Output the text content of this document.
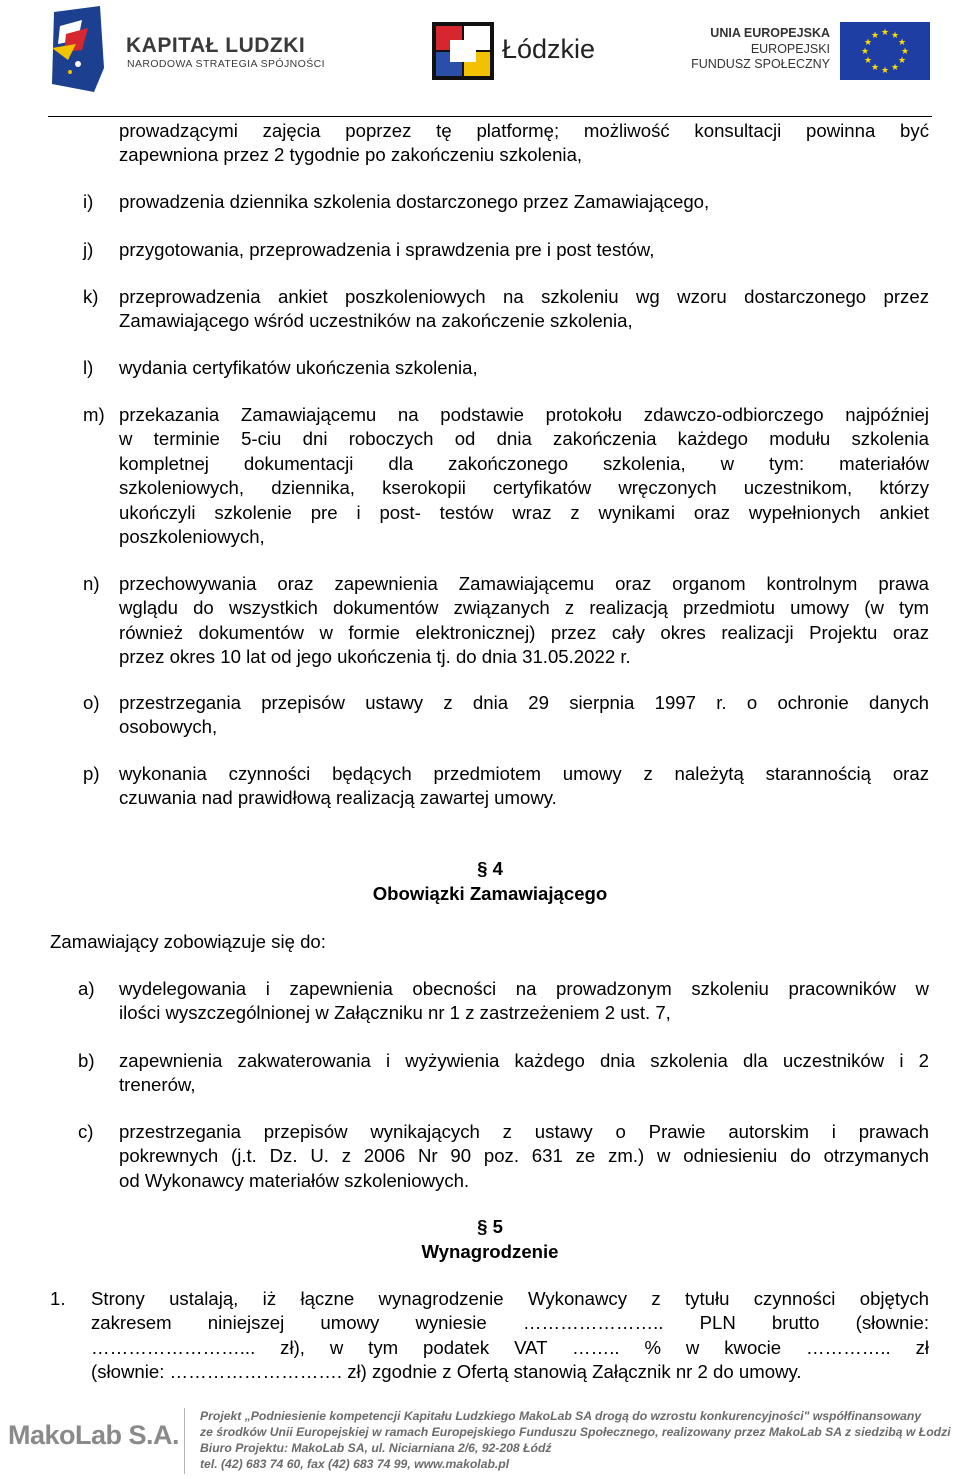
KAPITAŁ LUDZKI
NARODOWA STRATEGIA SPÓJNOŚCI	Łódzkie
UNIA EUROPEJSKA
EUROPEJSKI
FUNDUSZ SPOŁECZNY
★ ★
★
★
★
★
★
★
★
★
★
★
prowadzącymi zajęcia poprzez tę platformę; możliwość konsultacji powinna być
zapewniona przez 2 tygodnie po zakończeniu szkolenia,
i) prowadzenia dziennika szkolenia dostarczonego przez Zamawiającego,
j) przygotowania, przeprowadzenia i sprawdzenia pre i post testów,
k) przeprowadzenia ankiet poszkoleniowych na szkoleniu wg wzoru dostarczonego przez
Zamawiającego wśród uczestników na zakończenie szkolenia,
l) wydania certyfikatów ukończenia szkolenia,
m) przekazania Zamawiającemu na podstawie protokołu zdawczo-odbiorczego najpóźniej
w terminie 5-ciu dni roboczych od dnia zakończenia każdego modułu szkolenia
kompletnej dokumentacji dla zakończonego szkolenia, w tym: materiałów
szkoleniowych, dziennika, kserokopii certyfikatów wręczonych uczestnikom, którzy
ukończyli szkolenie pre i post- testów wraz z wynikami oraz wypełnionych ankiet
poszkoleniowych,
n) przechowywania oraz zapewnienia Zamawiającemu oraz organom kontrolnym prawa
wglądu do wszystkich dokumentów związanych z realizacją przedmiotu umowy (w tym
również dokumentów w formie elektronicznej) przez cały okres realizacji Projektu oraz
przez okres 10 lat od jego ukończenia tj. do dnia 31.05.2022 r.
o) przestrzegania przepisów ustawy z dnia 29 sierpnia 1997 r. o ochronie danych
osobowych,
p) wykonania czynności będących przedmiotem umowy z należytą starannością oraz
czuwania nad prawidłową realizacją zawartej umowy.
a) wydelegowania i zapewnienia obecności na prowadzonym szkoleniu pracowników w
ilości wyszczególnionej w Załączniku nr 1 z zastrzeżeniem 2 ust. 7,
b) zapewnienia zakwaterowania i wyżywienia każdego dnia szkolenia dla uczestników i 2
trenerów,
c) przestrzegania przepisów wynikających z ustawy o Prawie autorskim i prawach
pokrewnych (j.t. Dz. U. z 2006 Nr 90 poz. 631 ze zm.) w odniesieniu do otrzymanych
od Wykonawcy materiałów szkoleniowych.
1. Strony ustalają, iż łączne wynagrodzenie Wykonawcy z tytułu czynności objętych
zakresem niniejszej umowy wyniesie ………………….. PLN brutto (słownie:
……………………... zł), w tym podatek VAT …….. % w kwocie ………….. zł
(słownie: ………………………. zł) zgodnie z Ofertą stanowią Załącznik nr 2 do umowy.
§ 4
Obowiązki Zamawiającego
Zamawiający zobowiązuje się do:
§ 5
Wynagrodzenie
MakoLab S.A.
Projekt „Podniesienie kompetencji Kapitału Ludzkiego MakoLab SA drogą do wzrostu konkurencyjności" współfinansowany
ze środków Unii Europejskiej w ramach Europejskiego Funduszu Społecznego, realizowany przez MakoLab SA z siedzibą w Łodzi
Biuro Projektu: MakoLab SA, ul. Niciarniana 2/6, 92-208 Łódź
tel. (42) 683 74 60, fax (42) 683 74 99, www.makolab.pl
